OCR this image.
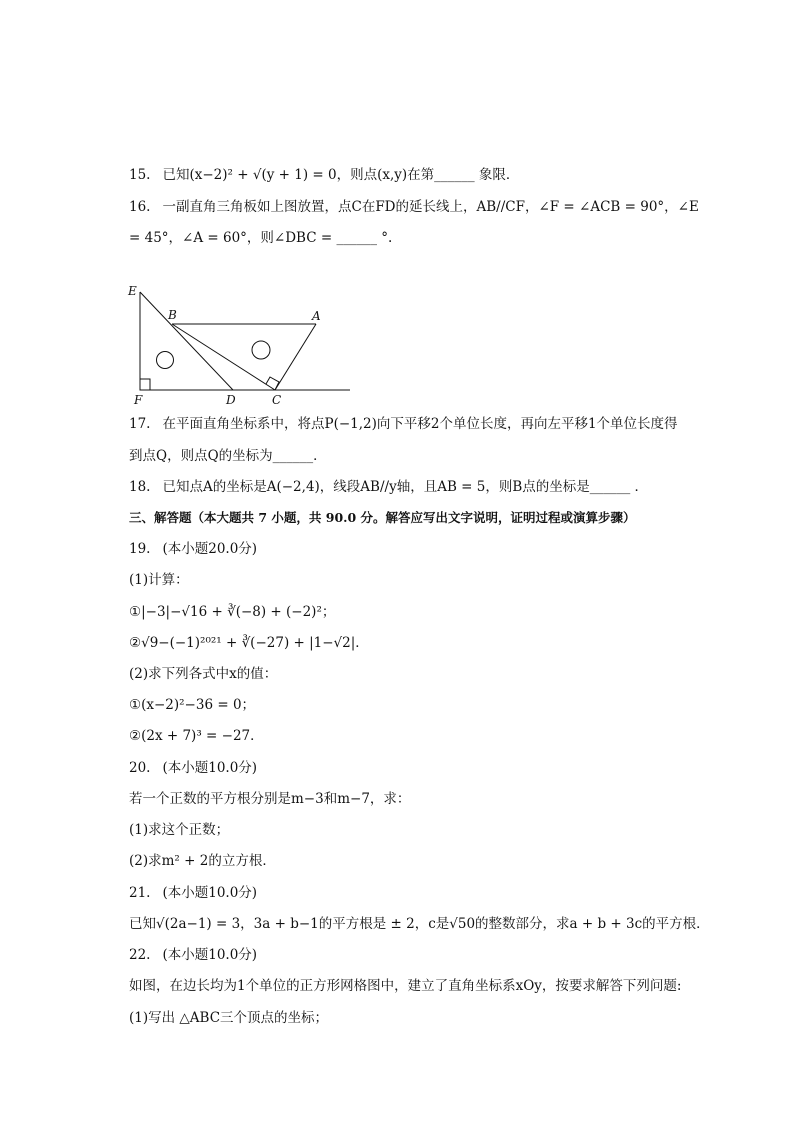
15. 已知(x−2)² + √(y + 1) = 0，则点(x,y)在第______ 象限．
16. 一副直角三角板如上图放置，点C在FD的延长线上，AB//CF，∠F = ∠ACB = 90°，∠E
= 45°，∠A = 60°，则∠DBC = ______ °.
E
B	A
F	D	C
17. 在平面直角坐标系中，将点P(−1,2)向下平移2个单位长度，再向左平移1个单位长度得
到点Q，则点Q的坐标为______．
18. 已知点A的坐标是A(−2,4)，线段AB//y轴，且AB = 5，则B点的坐标是______ ．
三、解答题（本大题共 7 小题，共 90.0 分。解答应写出文字说明，证明过程或演算步骤）
19. (本小题20.0分)
(1)计算：
①|−3|−√16 + ∛(−8) + (−2)²；
②√9−(−1)²⁰²¹ + ∛(−27) + |1−√2|．
(2)求下列各式中x的值：
①(x−2)²−36 = 0；
②(2x + 7)³ = −27．
20. (本小题10.0分)
若一个正数的平方根分别是m−3和m−7，求：
(1)求这个正数；
(2)求m² + 2的立方根．
21. (本小题10.0分)
已知√(2a−1) = 3，3a + b−1的平方根是 ± 2，c是√50的整数部分，求a + b + 3c的平方根．
22. (本小题10.0分)
如图，在边长均为1个单位的正方形网格图中，建立了直角坐标系xOy，按要求解答下列问题:
(1)写出 △ABC三个顶点的坐标；
